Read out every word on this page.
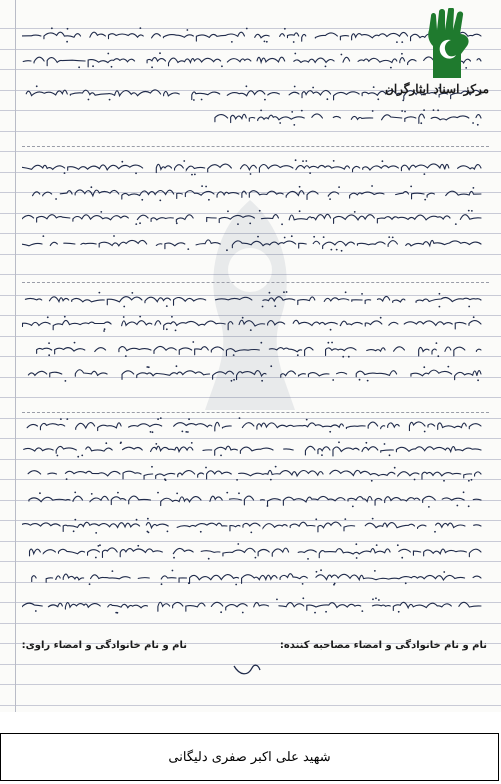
مرکز اسناد ایثارگران
نام و نام خانوادگی و امضاء مصاحبه کننده:
نام و نام خانوادگی و امضاء راوی:
شهید علی اکبر صفری دلیگانی
